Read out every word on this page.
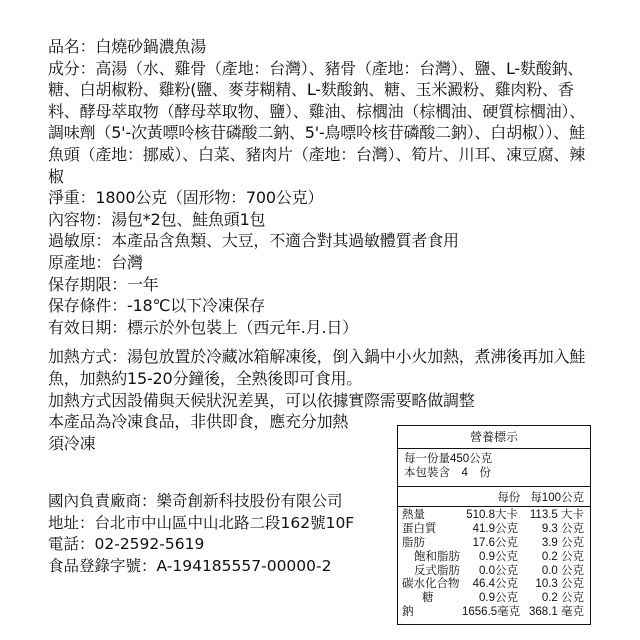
品名：白燒砂鍋濃魚湯

成分：高湯（水、雞骨（產地：台灣）、豬骨（產地：台灣）、鹽、L-麩酸鈉、糖、白胡椒粉、雞粉(鹽、麥芽糊精、L-麩酸鈉、糖、玉米澱粉、雞肉粉、香料、酵母萃取物（酵母萃取物、鹽）、雞油、棕櫚油（棕櫚油、硬質棕櫚油）、調味劑（5'-次黃嘌呤核苷磷酸二鈉、5'-鳥嘌呤核苷磷酸二鈉）、白胡椒））、鮭魚頭（產地：挪威）、白菜、豬肉片（產地：台灣）、筍片、川耳、凍豆腐、辣椒

淨重：1800公克（固形物：700公克）

內容物：湯包*2包、鮭魚頭1包

過敏原：本產品含魚類、大豆，不適合對其過敏體質者食用

原產地：台灣

保存期限：一年

保存條件：-18℃以下冷凍保存

有效日期：標示於外包裝上（西元年.月.日）

加熱方式：湯包放置於冷藏冰箱解凍後，倒入鍋中小火加熱，煮沸後再加入鮭魚，加熱約15-20分鐘後，全熟後即可食用。

加熱方式因設備與天候狀況差異，可以依據實際需要略做調整

本產品為冷凍食品，非供即食，應充分加熱

須冷凍

國內負責廠商：樂奇創新科技股份有限公司

地址：台北市中山區中山北路二段162號10F

電話：02-2592-5619

食品登錄字號：A-194185557-00000-2

營養標示
每一份量450公克
本包裝含　4　份
每份 每100公克
熱量	510.8大卡	113.5 大卡
蛋白質	41.9公克	9.3 公克
脂肪	17.6公克	3.9 公克
飽和脂肪	0.9公克	0.2 公克
反式脂肪	0.0公克	0.0 公克
碳水化合物	46.4公克	10.3 公克
糖	0.9公克	0.2 公克
鈉	1656.5毫克 368.1 毫克
